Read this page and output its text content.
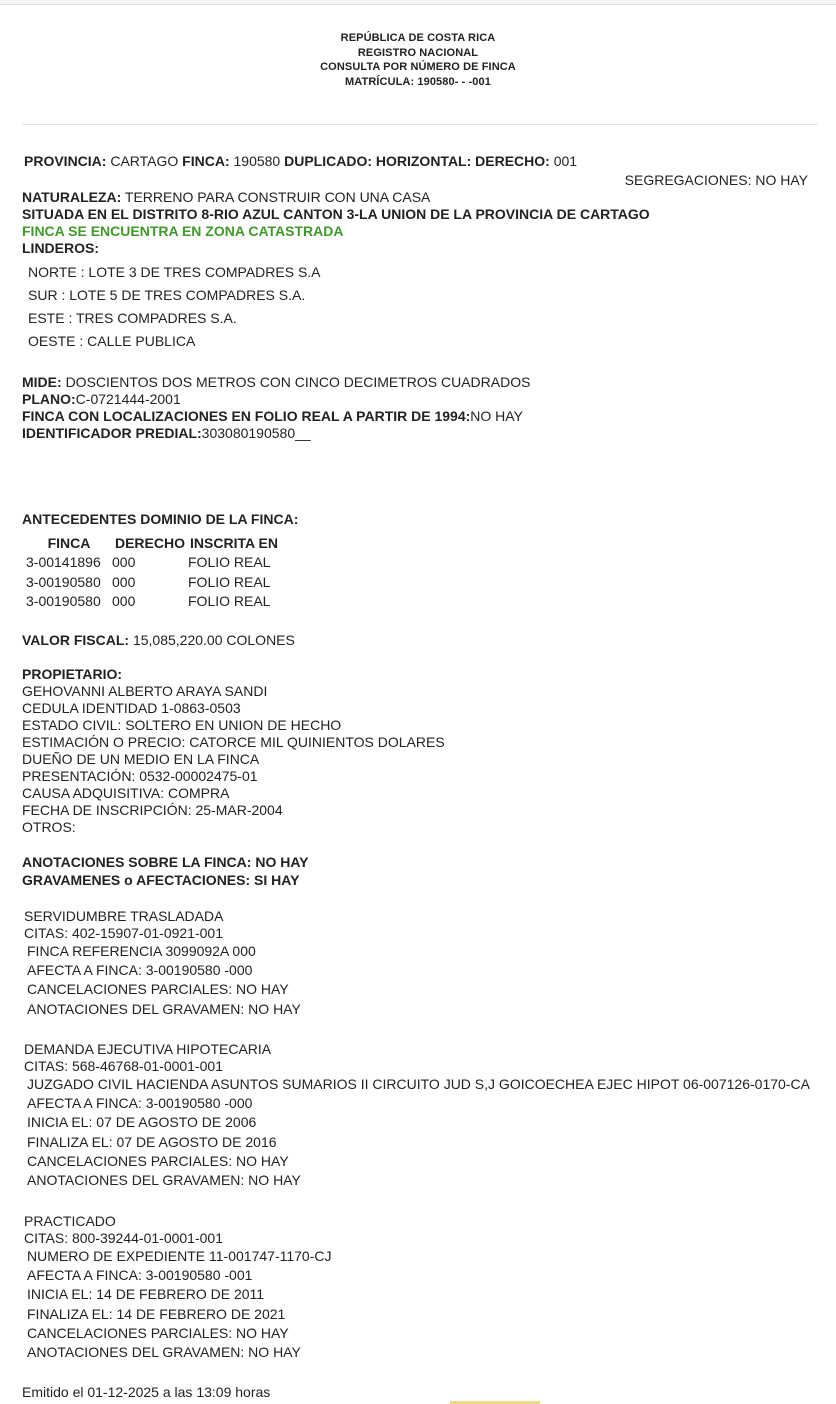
REPÚBLICA DE COSTA RICA
REGISTRO NACIONAL
CONSULTA POR NÚMERO DE FINCA
MATRÍCULA: 190580- - -001
PROVINCIA: CARTAGO FINCA: 190580 DUPLICADO: HORIZONTAL: DERECHO: 001
SEGREGACIONES: NO HAY
NATURALEZA: TERRENO PARA CONSTRUIR CON UNA CASA
SITUADA EN EL DISTRITO 8-RIO AZUL CANTON 3-LA UNION DE LA PROVINCIA DE CARTAGO
FINCA SE ENCUENTRA EN ZONA CATASTRADA
LINDEROS:
NORTE : LOTE 3 DE TRES COMPADRES S.A
SUR : LOTE 5 DE TRES COMPADRES S.A.
ESTE : TRES COMPADRES S.A.
OESTE : CALLE PUBLICA
MIDE: DOSCIENTOS DOS METROS CON CINCO DECIMETROS CUADRADOS
PLANO:C-0721444-2001
FINCA CON LOCALIZACIONES EN FOLIO REAL A PARTIR DE 1994:NO HAY
IDENTIFICADOR PREDIAL:303080190580__
ANTECEDENTES DOMINIO DE LA FINCA:
FINCA	DERECHO	INSCRITA EN
3-00141896	000	FOLIO REAL
3-00190580	000	FOLIO REAL
3-00190580	000	FOLIO REAL
VALOR FISCAL: 15,085,220.00 COLONES
PROPIETARIO:
GEHOVANNI ALBERTO ARAYA SANDI
CEDULA IDENTIDAD 1-0863-0503
ESTADO CIVIL: SOLTERO EN UNION DE HECHO
ESTIMACIÓN O PRECIO: CATORCE MIL QUINIENTOS DOLARES
DUEÑO DE UN MEDIO EN LA FINCA
PRESENTACIÓN: 0532-00002475-01
CAUSA ADQUISITIVA: COMPRA
FECHA DE INSCRIPCIÓN: 25-MAR-2004
OTROS:
ANOTACIONES SOBRE LA FINCA: NO HAY
GRAVAMENES o AFECTACIONES: SI HAY
SERVIDUMBRE TRASLADADA
CITAS: 402-15907-01-0921-001
FINCA REFERENCIA 3099092A 000
AFECTA A FINCA: 3-00190580 -000
CANCELACIONES PARCIALES: NO HAY
ANOTACIONES DEL GRAVAMEN: NO HAY
DEMANDA EJECUTIVA HIPOTECARIA
CITAS: 568-46768-01-0001-001
JUZGADO CIVIL HACIENDA ASUNTOS SUMARIOS II CIRCUITO JUD S,J GOICOECHEA EJEC HIPOT 06-007126-0170-CA
AFECTA A FINCA: 3-00190580 -000
INICIA EL: 07 DE AGOSTO DE 2006
FINALIZA EL: 07 DE AGOSTO DE 2016
CANCELACIONES PARCIALES: NO HAY
ANOTACIONES DEL GRAVAMEN: NO HAY
PRACTICADO
CITAS: 800-39244-01-0001-001
NUMERO DE EXPEDIENTE 11-001747-1170-CJ
AFECTA A FINCA: 3-00190580 -001
INICIA EL: 14 DE FEBRERO DE 2011
FINALIZA EL: 14 DE FEBRERO DE 2021
CANCELACIONES PARCIALES: NO HAY
ANOTACIONES DEL GRAVAMEN: NO HAY
Emitido el 01-12-2025 a las 13:09 horas
